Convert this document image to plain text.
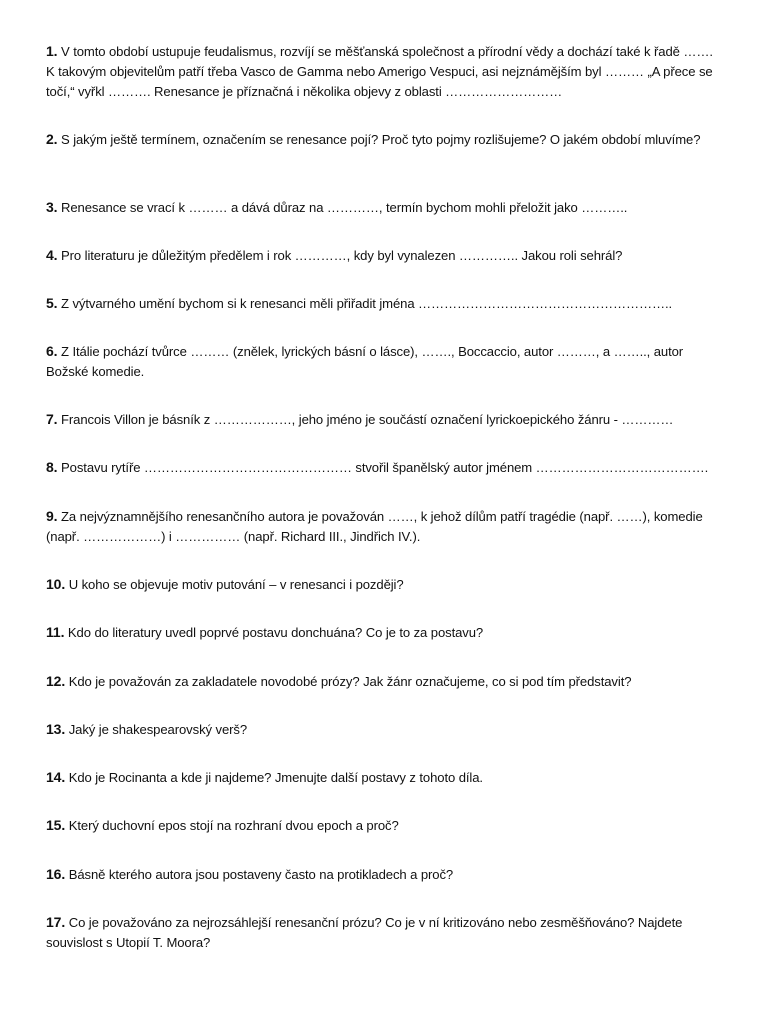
1. V tomto období ustupuje feudalismus, rozvíjí se měšťanská společnost a přírodní vědy a dochází také k řadě ……. K takovým objevitelům patří třeba Vasco de Gamma nebo Amerigo Vespuci, asi nejznámějším byl ……… „A přece se točí,“ vyřkl ………. Renesance je příznačná i několika objevy z oblasti ………………………

2. S jakým ještě termínem, označením se renesance pojí? Proč tyto pojmy rozlišujeme? O jakém období mluvíme?

3. Renesance se vrací k ……… a dává důraz na …………, termín bychom mohli přeložit jako ………..

4. Pro literaturu je důležitým předělem i rok …………, kdy byl vynalezen ………….. Jakou roli sehrál?

5. Z výtvarného umění bychom si k renesanci měli přiřadit jména …………………………………………………..

6. Z Itálie pochází tvůrce ……… (znělek, lyrických básní o lásce), ……., Boccaccio, autor ………, a …….., autor Božské komedie.

7. Francois Villon je básník z ………………, jeho jméno je součástí označení lyrickoepického žánru - …………

8. Postavu rytíře ………………………………………… stvořil španělský autor jménem ………………………………….

9. Za nejvýznamnějšího renesančního autora je považován ……, k jehož dílům patří tragédie (např. ……), komedie (např. ………………) i …………… (např. Richard III., Jindřich IV.).

10. U koho se objevuje motiv putování – v renesanci i později?

11. Kdo do literatury uvedl poprvé postavu donchuána? Co je to za postavu?

12. Kdo je považován za zakladatele novodobé prózy? Jak žánr označujeme, co si pod tím představit?

13. Jaký je shakespearovský verš?

14. Kdo je Rocinanta a kde ji najdeme? Jmenujte další postavy z tohoto díla.

15. Který duchovní epos stojí na rozhraní dvou epoch a proč?

16. Básně kterého autora jsou postaveny často na protikladech a proč?

17. Co je považováno za nejrozsáhlejší renesanční prózu? Co je v ní kritizováno nebo zesměšňováno? Najdete souvislost s Utopií T. Moora?
